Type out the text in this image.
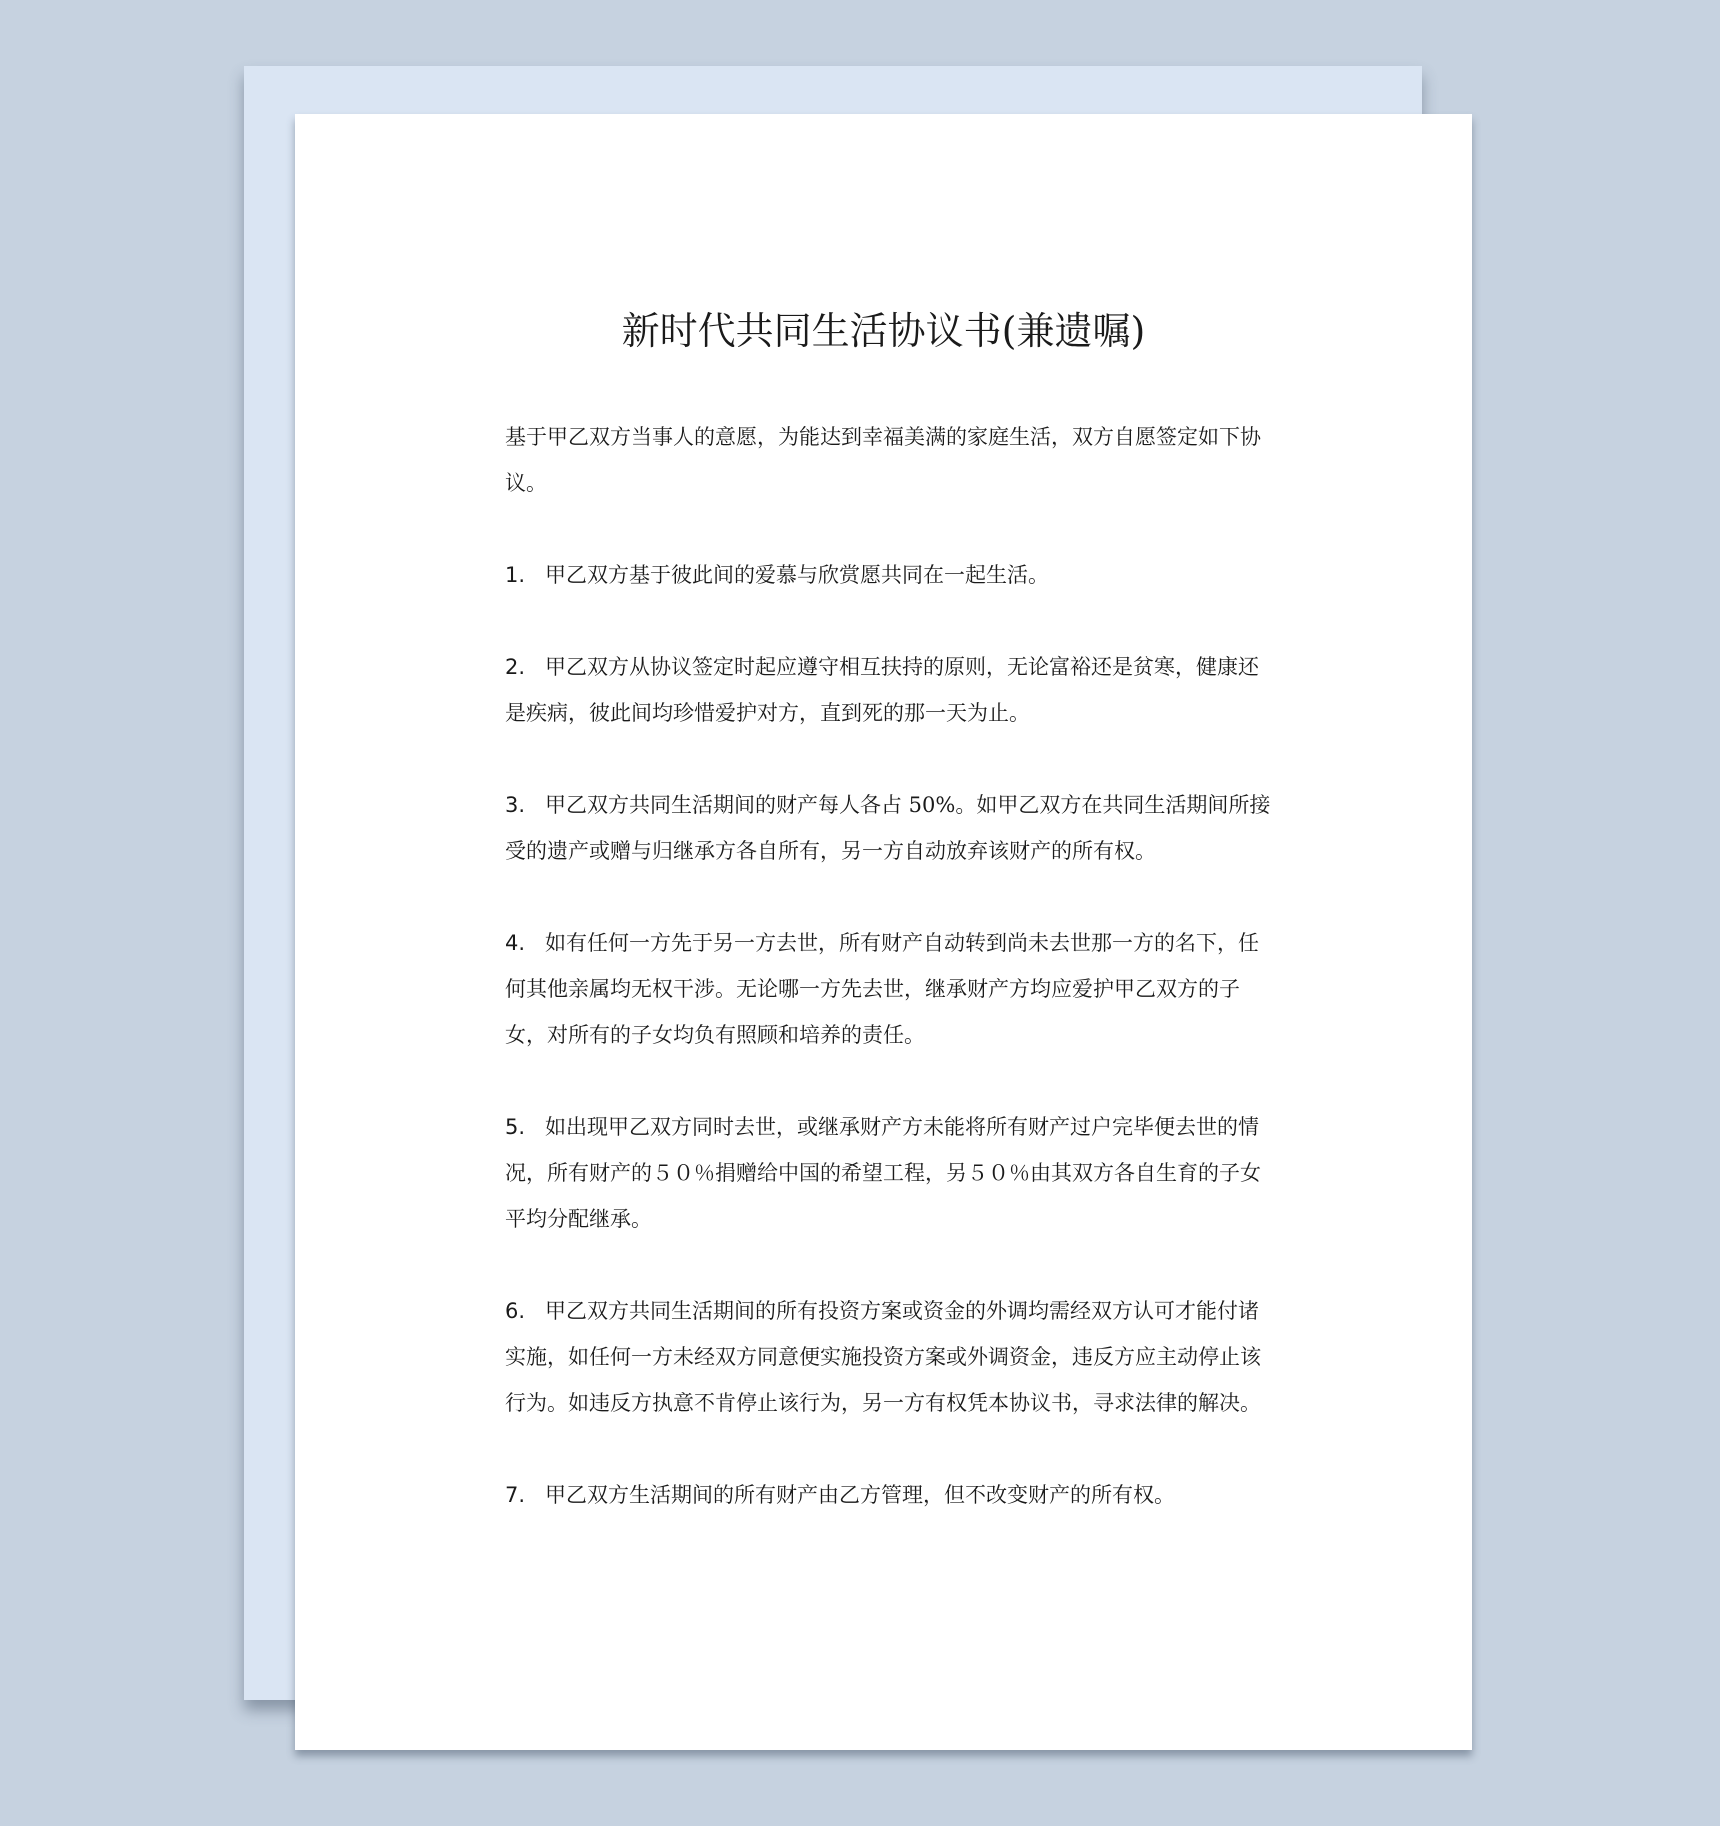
新时代共同生活协议书(兼遗嘱)

基于甲乙双方当事人的意愿，为能达到幸福美满的家庭生活，双方自愿签定如下协议。

1. 甲乙双方基于彼此间的爱慕与欣赏愿共同在一起生活。

2. 甲乙双方从协议签定时起应遵守相互扶持的原则，无论富裕还是贫寒，健康还是疾病，彼此间均珍惜爱护对方，直到死的那一天为止。

3. 甲乙双方共同生活期间的财产每人各占 50%。如甲乙双方在共同生活期间所接受的遗产或赠与归继承方各自所有，另一方自动放弃该财产的所有权。

4. 如有任何一方先于另一方去世，所有财产自动转到尚未去世那一方的名下，任何其他亲属均无权干涉。无论哪一方先去世，继承财产方均应爱护甲乙双方的子女，对所有的子女均负有照顾和培养的责任。

5. 如出现甲乙双方同时去世，或继承财产方未能将所有财产过户完毕便去世的情况，所有财产的５０％捐赠给中国的希望工程，另５０％由其双方各自生育的子女平均分配继承。

6. 甲乙双方共同生活期间的所有投资方案或资金的外调均需经双方认可才能付诸实施，如任何一方未经双方同意便实施投资方案或外调资金，违反方应主动停止该行为。如违反方执意不肯停止该行为，另一方有权凭本协议书，寻求法律的解决。

7. 甲乙双方生活期间的所有财产由乙方管理，但不改变财产的所有权。
